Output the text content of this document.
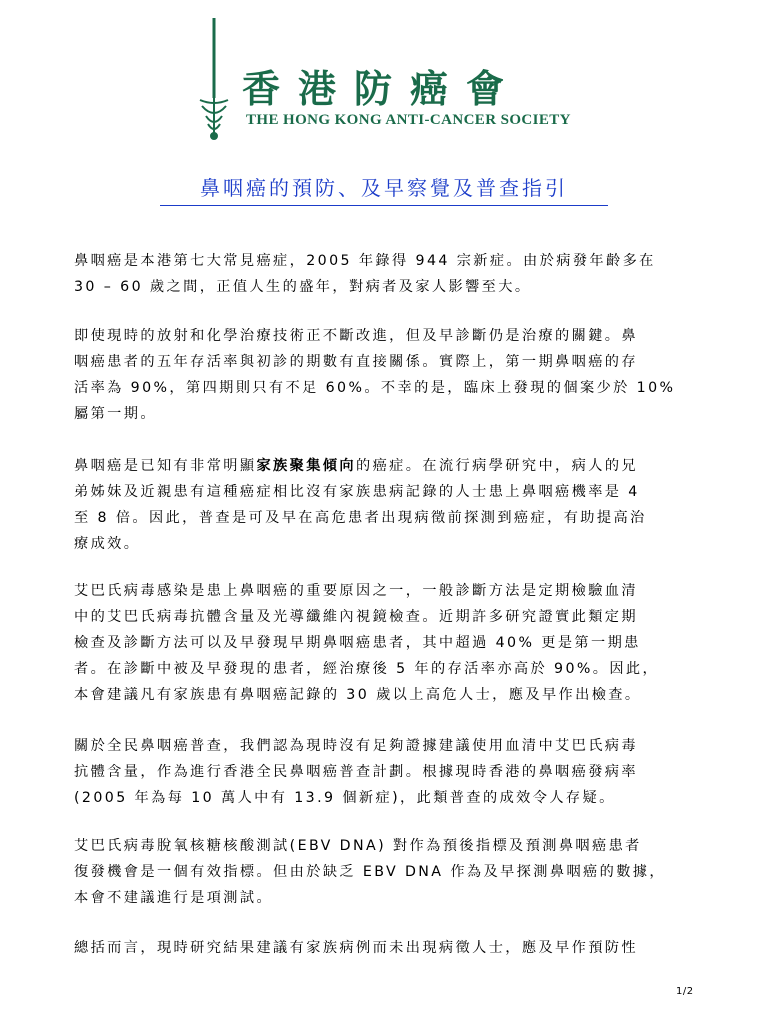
香港防癌會
THE HONG KONG ANTI-CANCER SOCIETY
鼻咽癌的預防、及早察覺及普查指引

鼻咽癌是本港第七大常見癌症，2005 年錄得 944 宗新症。由於病發年齡多在
30 – 60 歲之間，正值人生的盛年，對病者及家人影響至大。

即使現時的放射和化學治療技術正不斷改進，但及早診斷仍是治療的關鍵。鼻
咽癌患者的五年存活率與初診的期數有直接關係。實際上，第一期鼻咽癌的存
活率為 90%，第四期則只有不足 60%。不幸的是，臨床上發現的個案少於 10%
屬第一期。

鼻咽癌是已知有非常明顯家族聚集傾向的癌症。在流行病學研究中，病人的兄
弟姊妹及近親患有這種癌症相比沒有家族患病記錄的人士患上鼻咽癌機率是 4
至 8 倍。因此，普查是可及早在高危患者出現病徵前探測到癌症，有助提高治
療成效。

艾巴氏病毒感染是患上鼻咽癌的重要原因之一，一般診斷方法是定期檢驗血清
中的艾巴氏病毒抗體含量及光導纖維內視鏡檢查。近期許多研究證實此類定期
檢查及診斷方法可以及早發現早期鼻咽癌患者，其中超過 40% 更是第一期患
者。在診斷中被及早發現的患者，經治療後 5 年的存活率亦高於 90%。因此，
本會建議凡有家族患有鼻咽癌記錄的 30 歲以上高危人士，應及早作出檢查。

關於全民鼻咽癌普查，我們認為現時沒有足夠證據建議使用血清中艾巴氏病毒
抗體含量，作為進行香港全民鼻咽癌普查計劃。根據現時香港的鼻咽癌發病率
(2005 年為每 10 萬人中有 13.9 個新症)，此類普查的成效令人存疑。

艾巴氏病毒脫氧核糖核酸測試(EBV DNA) 對作為預後指標及預測鼻咽癌患者
復發機會是一個有效指標。但由於缺乏 EBV DNA 作為及早探測鼻咽癌的數據，
本會不建議進行是項測試。

總括而言，現時研究結果建議有家族病例而未出現病徵人士，應及早作預防性

1/2
